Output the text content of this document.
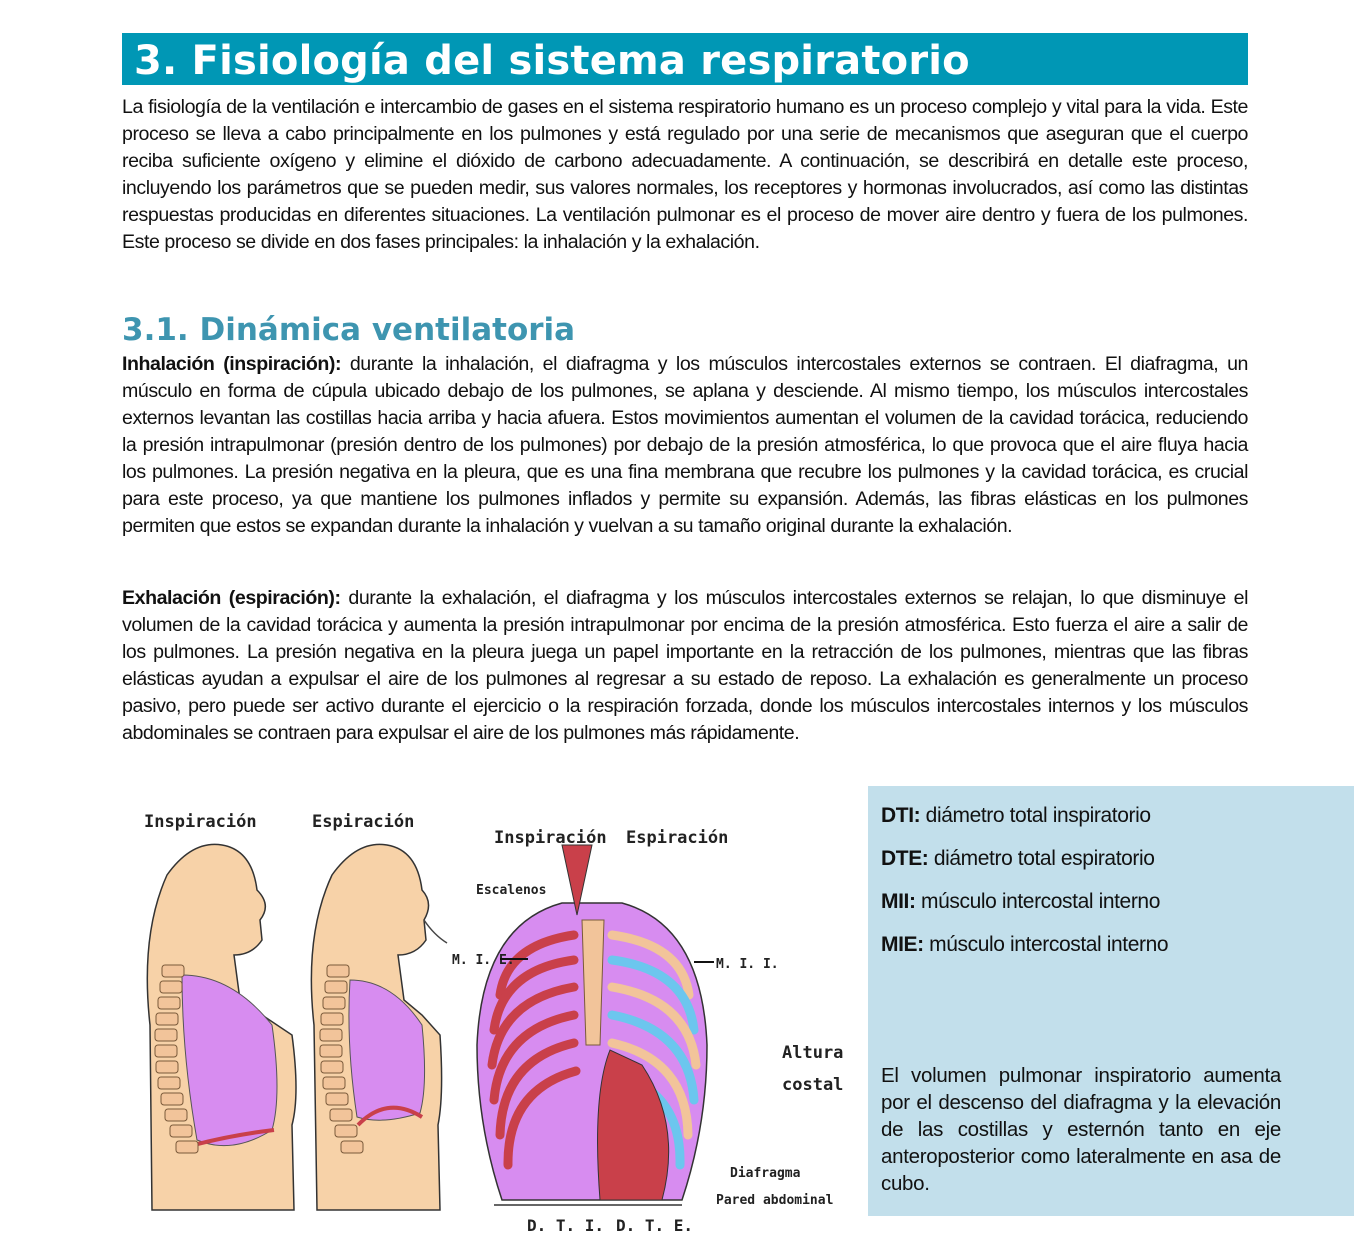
3. Fisiología del sistema respiratorio

La fisiología de la ventilación e intercambio de gases en el sistema respiratorio humano es un proceso complejo y vital para la vida. Este proceso se lleva a cabo principalmente en los pulmones y está regulado por una serie de mecanismos que aseguran que el cuerpo reciba suficiente oxígeno y elimine el dióxido de carbono adecuadamente. A continuación, se describirá en detalle este proceso, incluyendo los parámetros que se pueden medir, sus valores normales, los receptores y hormonas involucrados, así como las distintas respuestas producidas en diferentes situaciones. La ventilación pulmonar es el proceso de mover aire dentro y fuera de los pulmones. Este proceso se divide en dos fases principales: la inhalación y la exhalación.

3.1. Dinámica ventilatoria

Inhalación (inspiración): durante la inhalación, el diafragma y los músculos intercostales externos se contraen. El diafragma, un músculo en forma de cúpula ubicado debajo de los pulmones, se aplana y desciende. Al mismo tiempo, los músculos intercostales externos levantan las costillas hacia arriba y hacia afuera. Estos movimientos aumentan el volumen de la cavidad torácica, reduciendo la presión intrapulmonar (presión dentro de los pulmones) por debajo de la presión atmosférica, lo que provoca que el aire fluya hacia los pulmones. La presión negativa en la pleura, que es una fina membrana que recubre los pulmones y la cavidad torácica, es crucial para este proceso, ya que mantiene los pulmones inflados y permite su expansión. Además, las fibras elásticas en los pulmones permiten que estos se expandan durante la inhalación y vuelvan a su tamaño original durante la exhalación.

Exhalación (espiración): durante la exhalación, el diafragma y los músculos intercostales externos se relajan, lo que disminuye el volumen de la cavidad torácica y aumenta la presión intrapulmonar por encima de la presión atmosférica. Esto fuerza el aire a salir de los pulmones. La presión negativa en la pleura juega un papel importante en la retracción de los pulmones, mientras que las fibras elásticas ayudan a expulsar el aire de los pulmones al regresar a su estado de reposo. La exhalación es generalmente un proceso pasivo, pero puede ser activo durante el ejercicio o la respiración forzada, donde los músculos intercostales internos y los músculos abdominales se contraen para expulsar el aire de los pulmones más rápidamente.

Inspiración	Espiración
Inspiración Espiración
Escalenos
M. I. E.	M. I. I.
Altura
costal
Diafragma
Pared abdominal
D. T. I. D. T. E.

DTI: diámetro total inspiratorio

DTE: diámetro total espiratorio

MII: músculo intercostal interno

MIE: músculo intercostal interno

El volumen pulmonar inspiratorio aumenta por el descenso del diafragma y la elevación de las costillas y esternón tanto en eje anteroposterior como lateralmente en asa de cubo.
